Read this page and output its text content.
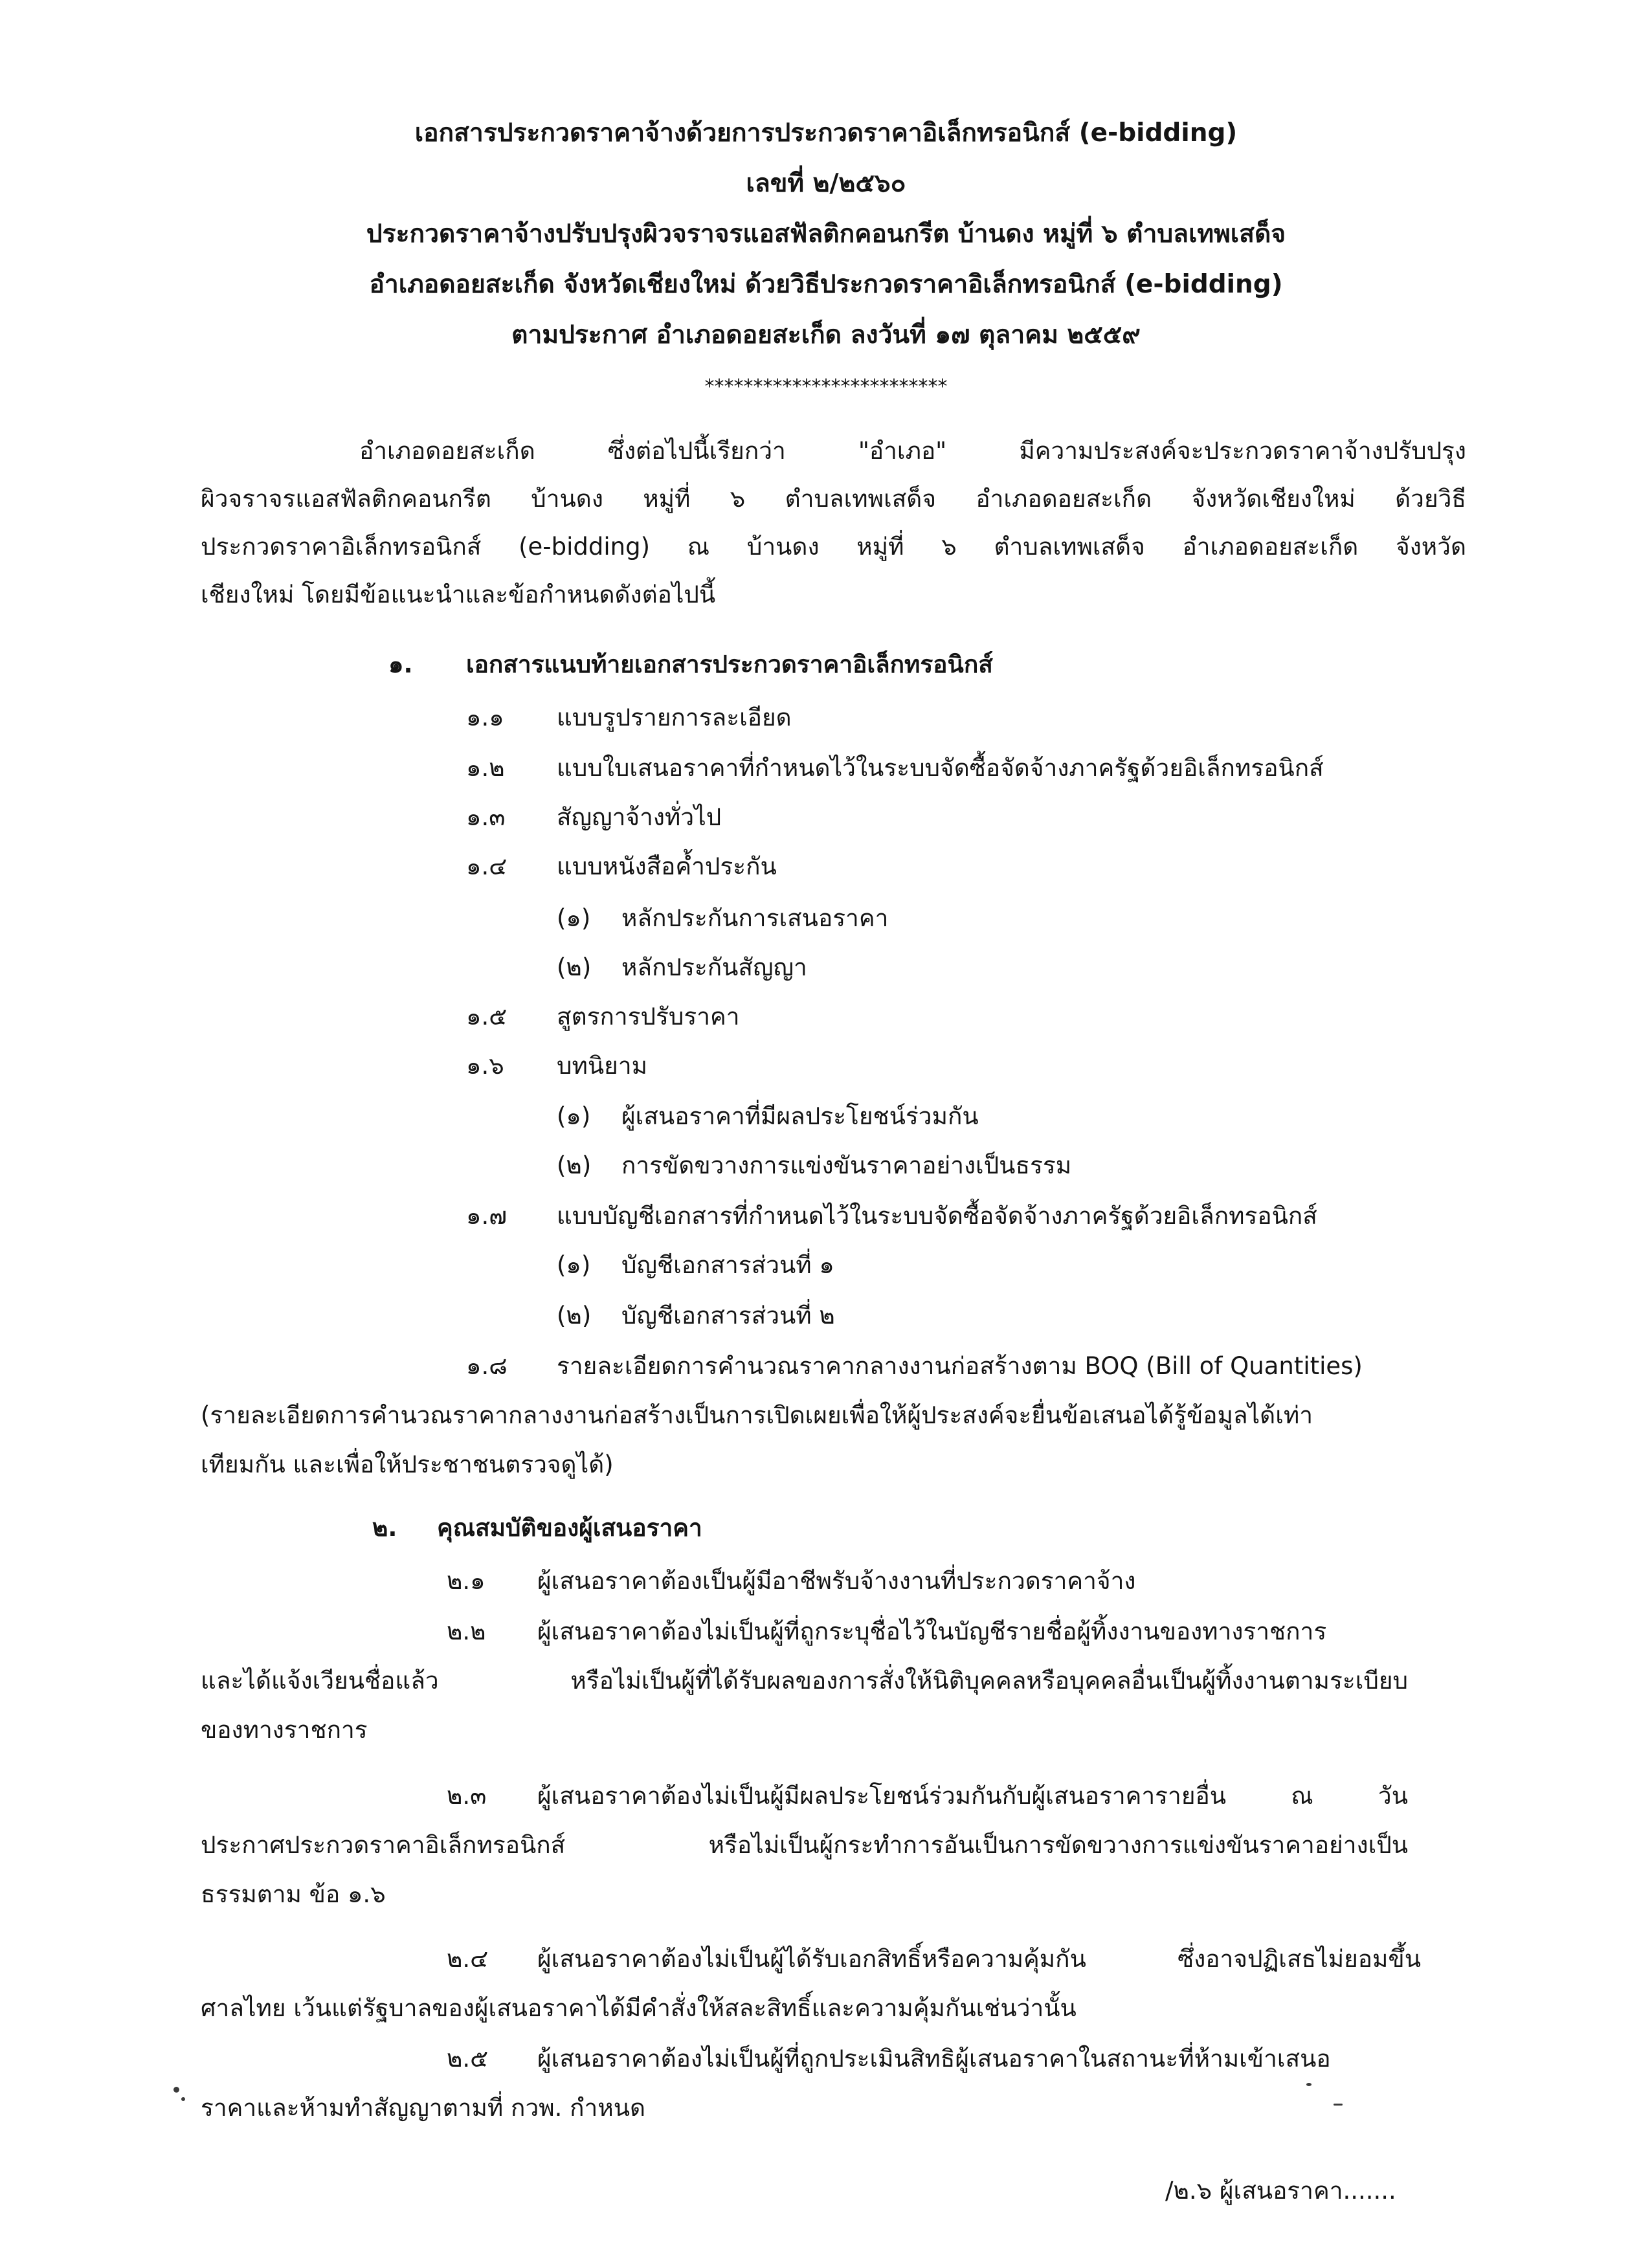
เอกสารประกวดราคาจ้างด้วยการประกวดราคาอิเล็กทรอนิกส์ (e-bidding)
เลขที่ ๒/๒๕๖๐
ประกวดราคาจ้างปรับปรุงผิวจราจรแอสฟัลติกคอนกรีต บ้านดง หมู่ที่ ๖ ตำบลเทพเสด็จ
อำเภอดอยสะเก็ด จังหวัดเชียงใหม่ ด้วยวิธีประกวดราคาอิเล็กทรอนิกส์ (e-bidding)
ตามประกาศ อำเภอดอยสะเก็ด ลงวันที่ ๑๗ ตุลาคม ๒๕๕๙
*************************
อำเภอดอยสะเก็ด ซึ่งต่อไปนี้เรียกว่า "อำเภอ" มีความประสงค์จะประกวดราคาจ้างปรับปรุง
ผิวจราจรแอสฟัลติกคอนกรีต บ้านดง หมู่ที่ ๖ ตำบลเทพเสด็จ อำเภอดอยสะเก็ด จังหวัดเชียงใหม่ ด้วยวิธี
ประกวดราคาอิเล็กทรอนิกส์ (e-bidding) ณ บ้านดง หมู่ที่ ๖ ตำบลเทพเสด็จ อำเภอดอยสะเก็ด จังหวัด
เชียงใหม่ โดยมีข้อแนะนำและข้อกำหนดดังต่อไปนี้
๑. เอกสารแนบท้ายเอกสารประกวดราคาอิเล็กทรอนิกส์
๑.๑ แบบรูปรายการละเอียด
๑.๒ แบบใบเสนอราคาที่กำหนดไว้ในระบบจัดซื้อจัดจ้างภาครัฐด้วยอิเล็กทรอนิกส์
๑.๓ สัญญาจ้างทั่วไป
๑.๔ แบบหนังสือค้ำประกัน
(๑) หลักประกันการเสนอราคา
(๒) หลักประกันสัญญา
๑.๕ สูตรการปรับราคา
๑.๖ บทนิยาม
(๑) ผู้เสนอราคาที่มีผลประโยชน์ร่วมกัน
(๒) การขัดขวางการแข่งขันราคาอย่างเป็นธรรม
๑.๗ แบบบัญชีเอกสารที่กำหนดไว้ในระบบจัดซื้อจัดจ้างภาครัฐด้วยอิเล็กทรอนิกส์
(๑) บัญชีเอกสารส่วนที่ ๑
(๒) บัญชีเอกสารส่วนที่ ๒
๑.๘ รายละเอียดการคำนวณราคากลางงานก่อสร้างตาม BOQ (Bill of Quantities)
(รายละเอียดการคำนวณราคากลางงานก่อสร้างเป็นการเปิดเผยเพื่อให้ผู้ประสงค์จะยื่นข้อเสนอได้รู้ข้อมูลได้เท่า
เทียมกัน และเพื่อให้ประชาชนตรวจดูได้)
๒. คุณสมบัติของผู้เสนอราคา
๒.๑ ผู้เสนอราคาต้องเป็นผู้มีอาชีพรับจ้างงานที่ประกวดราคาจ้าง
๒.๒ ผู้เสนอราคาต้องไม่เป็นผู้ที่ถูกระบุชื่อไว้ในบัญชีรายชื่อผู้ทิ้งงานของทางราชการ
และได้แจ้งเวียนชื่อแล้ว หรือไม่เป็นผู้ที่ได้รับผลของการสั่งให้นิติบุคคลหรือบุคคลอื่นเป็นผู้ทิ้งงานตามระเบียบ
ของทางราชการ
๒.๓ ผู้เสนอราคาต้องไม่เป็นผู้มีผลประโยชน์ร่วมกันกับผู้เสนอราคารายอื่น ณ วัน
ประกาศประกวดราคาอิเล็กทรอนิกส์ หรือไม่เป็นผู้กระทำการอันเป็นการขัดขวางการแข่งขันราคาอย่างเป็น
ธรรมตาม ข้อ ๑.๖
๒.๔ ผู้เสนอราคาต้องไม่เป็นผู้ได้รับเอกสิทธิ์หรือความคุ้มกัน ซึ่งอาจปฏิเสธไม่ยอมขึ้น
ศาลไทย เว้นแต่รัฐบาลของผู้เสนอราคาได้มีคำสั่งให้สละสิทธิ์และความคุ้มกันเช่นว่านั้น
๒.๕ ผู้เสนอราคาต้องไม่เป็นผู้ที่ถูกประเมินสิทธิผู้เสนอราคาในสถานะที่ห้ามเข้าเสนอ
ราคาและห้ามทำสัญญาตามที่ กวพ. กำหนด
/๒.๖ ผู้เสนอราคา.......
